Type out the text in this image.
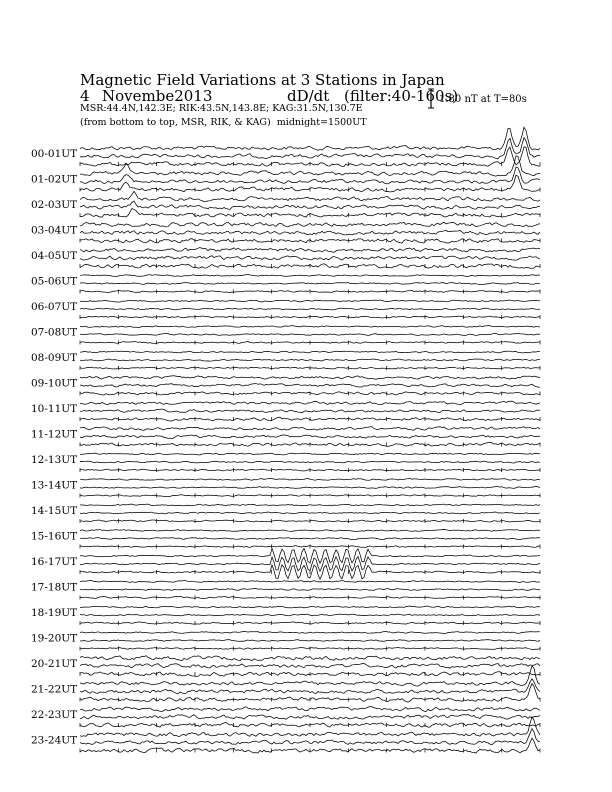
Magnetic Field Variations at 3 Stations in Japan
4 Novembe2013	dD/dt (filter:40-160s)
MSR:44.4N,142.3E; RIK:43.5N,143.8E; KAG:31.5N,130.7E
(from bottom to top, MSR, RIK, & KAG) midnight=1500UT
1.80 nT at T=80s
00-01UT
01-02UT
02-03UT
03-04UT
04-05UT
05-06UT
06-07UT
07-08UT
08-09UT
09-10UT
10-11UT
11-12UT
12-13UT
13-14UT
14-15UT
15-16UT
16-17UT
17-18UT
18-19UT
19-20UT
20-21UT
21-22UT
22-23UT
23-24UT
